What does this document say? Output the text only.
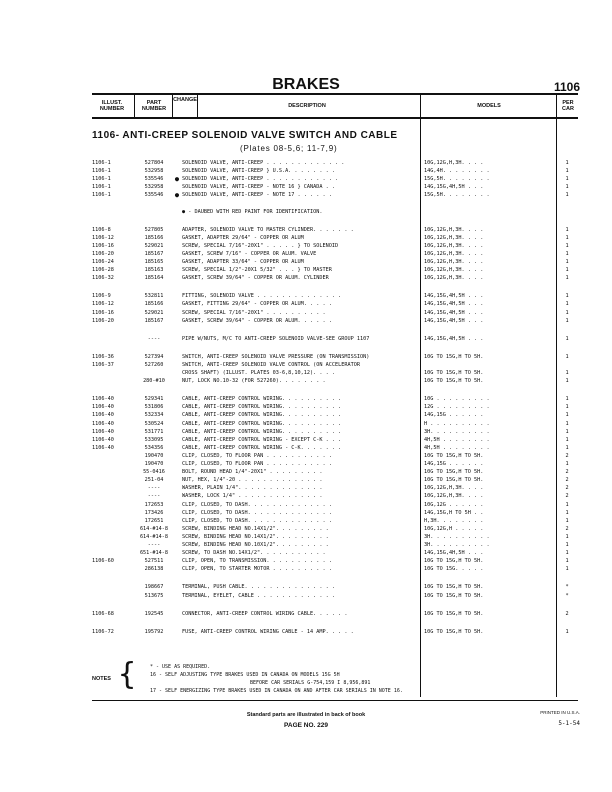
BRAKES	1106
ILLUST. NUMBER
PART NUMBER
CHANGE
DESCRIPTION	MODELS	PER CAR
1106- ANTI-CREEP SOLENOID VALVE SWITCH AND CABLE
(Plates 08-5,6; 11-7,9)
1106-1	527804	SOLENOID VALVE, ANTI-CREEP . . . . . . . . . . . . .	10G,12G,H,3H. . . .	1
1106-1	532958	SOLENOID VALVE, ANTI-CREEP } U.S.A. . . . . . . .	14G,4H. . . . . . . .	1
1106-1	535546	● SOLENOID VALVE, ANTI-CREEP . . . . . . . . . . . .	15G,5H. . . . . . . .	1
1106-1	532958	SOLENOID VALVE, ANTI-CREEP - NOTE 16 } CANADA . .	14G,15G,4H,5H . . .	1
1106-1	535546	● SOLENOID VALVE, ANTI-CREEP - NOTE 17 . . . . . .	15G,5H. . . . . . . .	1
● - DAUBED WITH RED PAINT FOR IDENTIFICATION.
1106-8	527805	ADAPTER, SOLENOID VALVE TO MASTER CYLINDER. . . . . . .	10G,12G,H,3H. . . .	1
1106-12	185166	GASKET, ADAPTER 29/64" - COPPER OR ALUM	10G,12G,H,3H. . . .	1
1106-16	529021	SCREW, SPECIAL 7/16"-20X1" . . . . . } TO SOLENOID	10G,12G,H,3H. . . .	1
1106-20	185167	GASKET, SCREW 7/16" - COPPER OR ALUM. VALVE	10G,12G,H,3H. . . .	1
1106-24	185165	GASKET, ADAPTER 33/64" - COPPER OR ALUM	10G,12G,H,3H. . . .	1
1106-28	185163	SCREW, SPECIAL 1/2"-20X1 5/32" . . . } TO MASTER	10G,12G,H,3H. . . .	1
1106-32	185164	GASKET, SCREW 39/64" - COPPER OR ALUM. CYLINDER	10G,12G,H,3H. . . .	1
1106-9	532811	FITTING, SOLENOID VALVE . . . . . . . . . . . . . .	14G,15G,4H,5H . . .	1
1106-12	185166	GASKET, FITTING 29/64" - COPPER OR ALUM. . . . .	14G,15G,4H,5H . . .	1
1106-16	529021	SCREW, SPECIAL 7/16"-20X1" . . . . . . . . . .	14G,15G,4H,5H . . .	1
1106-20	185167	GASKET, SCREW 39/64" - COPPER OR ALUM. . . . . .	14G,15G,4H,5H . . .	1
----	PIPE W/NUTS, M/C TO ANTI-CREEP SOLENOID VALVE-SEE GROUP 1107	14G,15G,4H,5H . . .	1
1106-36	527394	SWITCH, ANTI-CREEP SOLENOID VALVE PRESSURE (ON TRANSMISSION)	10G TO 15G,H TO 5H.	1
1106-37	527260	SWITCH, ANTI-CREEP SOLENOID VALVE CONTROL (ON ACCELERATOR
CROSS SHAFT) (ILLUST. PLATES 03-6,8,10,12). . . .	10G TO 15G,H TO 5H.	1
280-#10	NUT, LOCK NO.10-32 (FOR 527260). . . . . . . .	10G TO 15G,H TO 5H.	1
1106-40	529341	CABLE, ANTI-CREEP CONTROL WIRING. . . . . . . . . .	10G . . . . . . . . .	1
1106-40	531806	CABLE, ANTI-CREEP CONTROL WIRING. . . . . . . . . .	12G . . . . . . . . .	1
1106-40	532334	CABLE, ANTI-CREEP CONTROL WIRING. . . . . . . . . .	14G,15G . . . . . .	1
1106-40	530524	CABLE, ANTI-CREEP CONTROL WIRING. . . . . . . . . .	H . . . . . . . . . .	1
1106-40	531771	CABLE, ANTI-CREEP CONTROL WIRING. . . . . . . . . .	3H. . . . . . . . . .	1
1106-40	533095	CABLE, ANTI-CREEP CONTROL WIRING - EXCEPT C-K . . .	4H,5H . . . . . . . .	1
1106-40	534356	CABLE, ANTI-CREEP CONTROL WIRING - C-K. . . . . . .	4H,5H . . . . . . . .	1
190470	CLIP, CLOSED, TO FLOOR PAN . . . . . . . . . . .	10G TO 15G,H TO 5H.	2
190470	CLIP, CLOSED, TO FLOOR PAN . . . . . . . . . . .	14G,15G . . . . . .	1
55-0416	BOLT, ROUND HEAD 1/4"-20X1" . . . . . . . . .	10G TO 15G,H TO 5H.	2
251-04	NUT, HEX, 1/4"-20 . . . . . . . . . . . . . .	10G TO 15G,H TO 5H.	2
----	WASHER, PLAIN 1/4". . . . . . . . . . . . . .	10G,12G,H,3H. . . .	2
----	WASHER, LOCK 1/4" . . . . . . . . . . . . . .	10G,12G,H,3H. . . .	2
172653	CLIP, CLOSED, TO DASH. . . . . . . . . . . . . .	10G,12G . . . . . .	1
173426	CLIP, CLOSED, TO DASH. . . . . . . . . . . . . .	14G,15G,H TO 5H . .	1
172651	CLIP, CLOSED, TO DASH. . . . . . . . . . . . . .	H,3H. . . . . . . .	1
614-#14-8	SCREW, BINDING HEAD NO.14X1/2". . . . . . . . .	10G,12G,H . . . . .	2
614-#14-8	SCREW, BINDING HEAD NO.14X1/2". . . . . . . . .	3H. . . . . . . . . .	1
----	SCREW, BINDING HEAD NO.10X1/2". . . . . . . . .	3H. . . . . . . . . .	1
651-#14-8	SCREW, TO DASH NO.14X1/2". . . . . . . . . . .	14G,15G,4H,5H . . .	1
1106-60	527511	CLIP, OPEN, TO TRANSMISSION. . . . . . . . . . .	10G TO 15G,H TO 5H.	1
286138	CLIP, OPEN, TO STARTER MOTOR . . . . . . . . . .	10G TO 15G. . . . .	1
198667	TERMINAL, PUSH CABLE. . . . . . . . . . . . . . .	10G TO 15G,H TO 5H.	*
513675	TERMINAL, EYELET, CABLE . . . . . . . . . . . . .	10G TO 15G,H TO 5H.	*
1106-68	192545	CONNECTOR, ANTI-CREEP CONTROL WIRING CABLE. . . . . .	10G TO 15G,H TO 5H.	2
1106-72	195792	FUSE, ANTI-CREEP CONTROL WIRING CABLE - 14 AMP. . . . .	10G TO 15G,H TO 5H.	1
NOTES {	* - USE AS REQUIRED.
16 - SELF ADJUSTING TYPE BRAKES USED IN CANADA ON MODELS 15G 5H
BEFORE CAR SERIALS G-754,159 I 8,956,891
17 - SELF ENERGIZING TYPE BRAKES USED IN CANADA ON AND AFTER CAR SERIALS IN NOTE 16.
Standard parts are illustrated in back of book
PAGE NO. 229
PRINTED IN U.S.A.
5-1-54
